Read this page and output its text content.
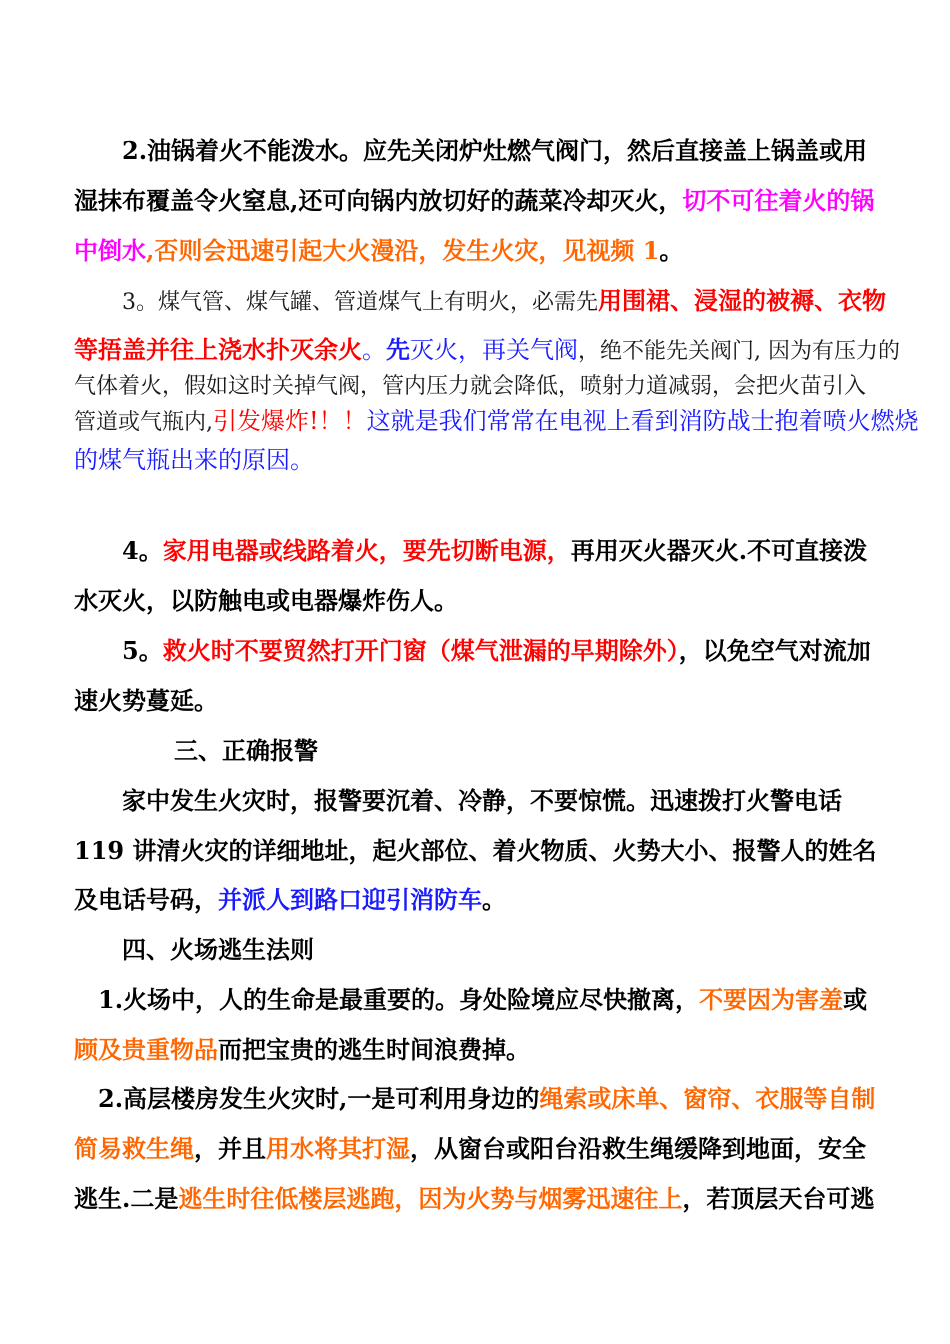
2.油锅着火不能泼水。应先关闭炉灶燃气阀门，然后直接盖上锅盖或用
湿抹布覆盖令火窒息,还可向锅内放切好的蔬菜冷却灭火，切不可往着火的锅
中倒水,否则会迅速引起大火漫沿，发生火灾，见视频 1。
3。煤气管、煤气罐、管道煤气上有明火，必需先用围裙、浸湿的被褥、衣物
等捂盖并往上浇水扑灭余火。先灭火，再关气阀，绝不能先关阀门, 因为有压力的
气体着火，假如这时关掉气阀，管内压力就会降低，喷射力道减弱，会把火苗引入
管道或气瓶内,引发爆炸!！！这就是我们常常在电视上看到消防战士抱着喷火燃烧
的煤气瓶出来的原因。
4。家用电器或线路着火，要先切断电源，再用灭火器灭火.不可直接泼
水灭火，以防触电或电器爆炸伤人。
5。救火时不要贸然打开门窗（煤气泄漏的早期除外），以免空气对流加
速火势蔓延。
三、正确报警
家中发生火灾时，报警要沉着、冷静，不要惊慌。迅速拨打火警电话
119 讲清火灾的详细地址，起火部位、着火物质、火势大小、报警人的姓名
及电话号码，并派人到路口迎引消防车。
四、火场逃生法则
1.火场中，人的生命是最重要的。身处险境应尽快撤离，不要因为害羞或
顾及贵重物品而把宝贵的逃生时间浪费掉。
2.高层楼房发生火灾时,一是可利用身边的绳索或床单、窗帘、衣服等自制
简易救生绳，并且用水将其打湿，从窗台或阳台沿救生绳缓降到地面，安全
逃生.二是逃生时往低楼层逃跑，因为火势与烟雾迅速往上，若顶层天台可逃
